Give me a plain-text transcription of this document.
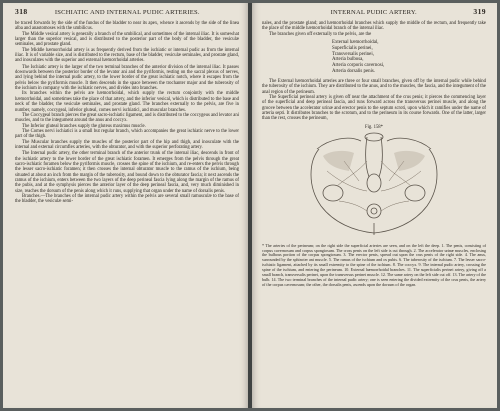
318	ISCHIATIC AND INTERNAL PUDIC ARTERIES.

be traced forwards by the side of the fundus of the bladder to near its apex, whence it ascends by the side of the linea alba and anastomoses with the umbilicus.

The Middle vesical artery is generally a branch of the umbilical, and sometimes of the internal iliac. It is somewhat larger than the superior vesical, and is distributed to the posterior part of the body of the bladder, the vesiculæ seminales, and prostate gland.

The Middle hæmorrhoidal artery is as frequently derived from the ischiatic or internal pudic as from the internal iliac. It is of variable size, and is distributed to the rectum, base of the bladder, vesiculæ seminales, and prostate gland, and inosculates with the superior and external hæmorrhoidal arteries.

The Ischiatic artery is the larger of the two terminal branches of the anterior division of the internal iliac. It passes downwards between the posterior border of the levator ani and the pyriformis, resting on the sacral plexus of nerves, and lying behind the internal pudic artery, to the lower border of the great ischiatic notch, where it escapes from the pelvis below the pyriformis muscle. It then descends in the space between the trochanter major and the tuberosity of the ischium in company with the ischiatic nerves, and divides into branches.

Its branches within the pelvis are hæmorrhoidal, which supply the rectum conjointly with the middle hæmorrhoidal, and sometimes take the place of that artery, and the inferior vesical, which is distributed to the base and neck of the bladder, the vesiculæ seminales, and prostate gland. The branches externally to the pelvis, are five in number, namely, coccygeal, inferior gluteal, comes nervi ischiatici, and muscular branches.

The Coccygeal branch pierces the great sacro-ischiatic ligament, and is distributed to the coccygeus and levator ani muscles, and to the integument around the anus and coccyx.

The Inferior gluteal branches supply the gluteus maximus muscle.

The Comes nervi ischiatici is a small but regular branch, which accompanies the great ischiatic nerve to the lower part of the thigh.

The Muscular branches supply the muscles of the posterior part of the hip and thigh, and inosculate with the internal and external circumflex arteries, with the obturator, and with the superior perforating artery.

The Internal pudic artery, the other terminal branch of the anterior trunk of the internal iliac, descends in front of the ischiatic artery to the lower border of the great ischiatic foramen. It emerges from the pelvis through the great sacro-ischiatic foramen below the pyriformis muscle, crosses the spine of the ischium, and re-enters the pelvis through the lesser sacro-ischiatic foramen; it then crosses the internal obturator muscle to the ramus of the ischium, being situated at about an inch from the margin of the tuberosity, and bound down to the obturator fascia; it next ascends the ramus of the ischium, enters between the two layers of the deep perineal fascia lying along the margin of the ramus of the pubis, and at the symphysis pierces the anterior layer of the deep perineal fascia, and, very much diminished in size, reaches the dorsum of the penis along which it runs, supplying that organ under the name of dorsalis penis.

Branches.—The branches of the internal pudic artery within the pelvis are several small ramusculæ to the base of the bladder, the vesiculæ semi-

INTERNAL PUDIC ARTERY.	319

nales, and the prostate gland; and hæmorrhoidal branches which supply the middle of the rectum, and frequently take the place of the middle hæmorrhoidal branch of the internal iliac.

The branches given off externally to the pelvis, are the

External hæmorrhoidal,
Superficialis perinei,
Transversalis perinei,
Arteria bulbosa,
Arteria corporis cavernosi,
Arteria dorsalis penis.

The External hæmorrhoidal arteries are three or four small branches, given off by the internal pudic while behind the tuberosity of the ischium. They are distributed to the anus, and to the muscles, the fascia, and the integument of the anal region of the perineum.

The Superficial perineal artery is given off near the attachment of the crus penis; it pierces the commencing layer of the superficial and deep perineal fascia, and runs forward across the transversus perinei muscle, and along the groove between the accelerator urinæ and erector penis to the septum scroti, upon which it ramifies under the name of arteria septi. It distributes branches to the scrotum, and to the perineum in its course forwards. One of the latter, larger than the rest, crosses the perineum,

Fig. 158*

* The arteries of the perineum; on the right side the superficial arteries are seen, and on the left the deep. 1. The penis, consisting of corpus cavernosum and corpus spongiosum. The cross penis on the left side is cut through. 2. The accelerator urinæ muscles, enclosing the bulbous portion of the corpus spongiosum. 3. The erector penis, spread out upon the crus penis of the right side. 4. The anus, surrounded by the sphincter ani muscle. 5. The ramus of the ischium and os pubis. 6. The tuberosity of the ischium. 7. The lesser sacro-ischiatic ligament, attached by its small extremity to the spine of the ischium. 8. The coccyx. 9. The internal pudic artery, crossing the spine of the ischium, and entering the perineum. 10. External hæmorrhoidal branches. 11. The superficialis perinei artery, giving off a small branch, transversalis perinei, upon the transversus perinei muscle. 12. The same artery on the left side cut off. 13. The artery of the bulb. 14. The two terminal branches of the internal pudic artery; one is seen entering the divided extremity of the crus penis, the artery of the corpus cavernosum; the other, the dorsalis penis, ascends upon the dorsum of the organ.
